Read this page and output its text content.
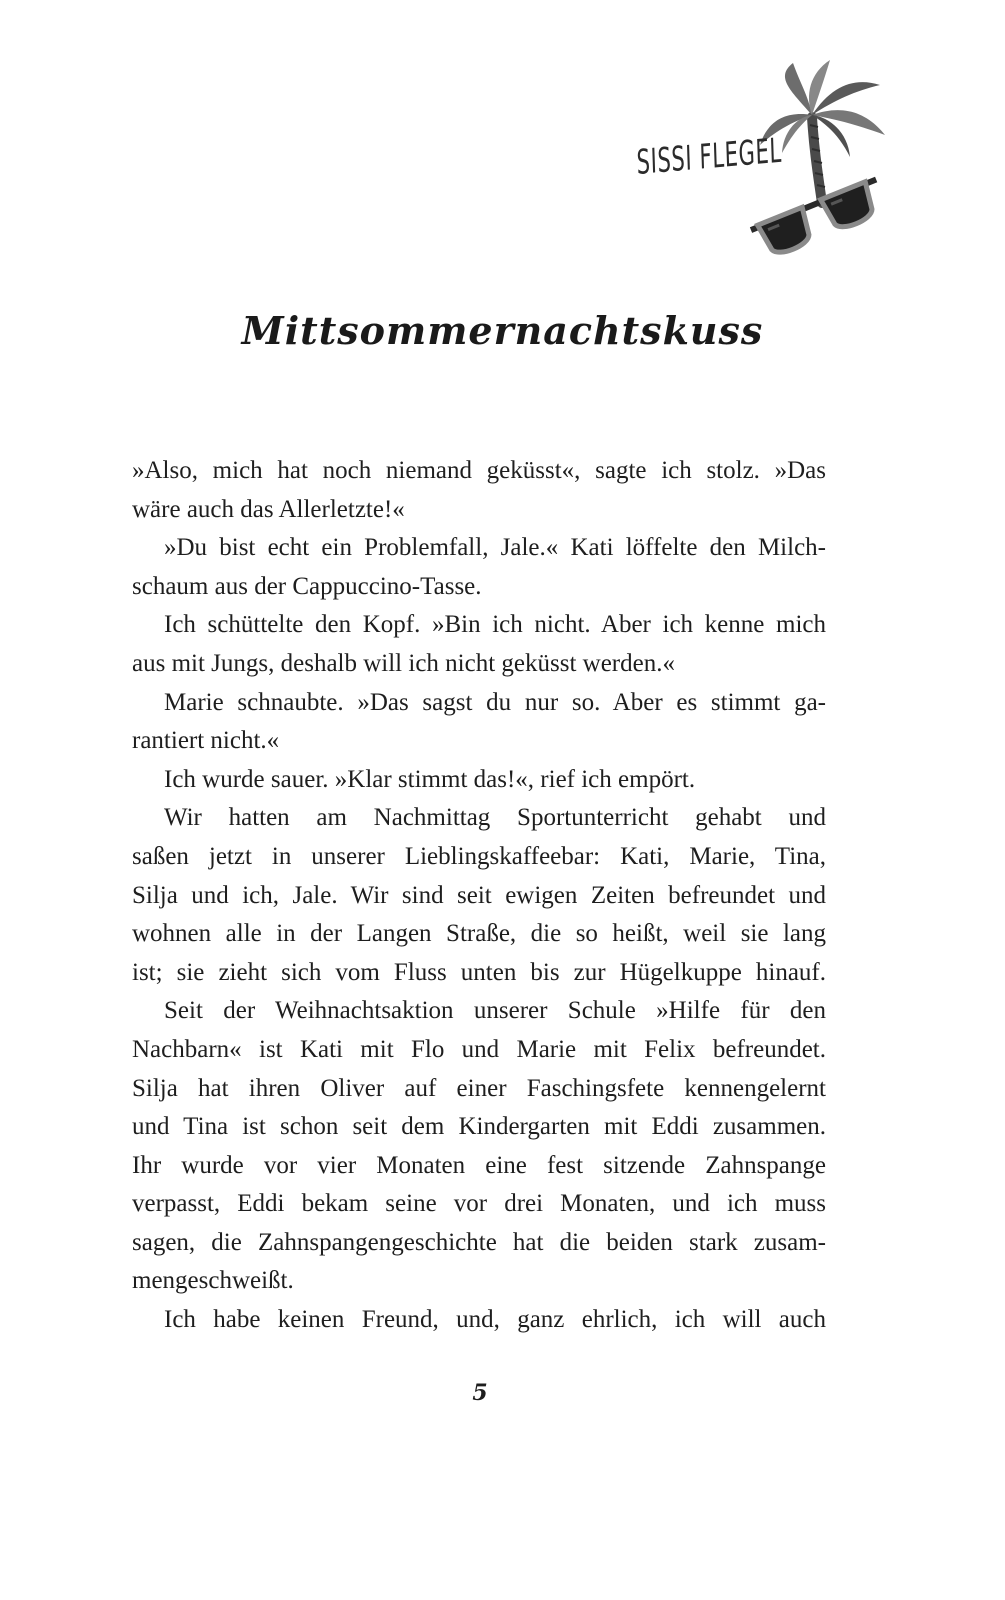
SISSI FLEGEL
Mittsommernachtskuss
»Also, mich hat noch niemand geküsst«, sagte ich stolz. »Das
wäre auch das Allerletzte!«
»Du bist echt ein Problemfall, Jale.« Kati löffelte den Milch-
schaum aus der Cappuccino-Tasse.
Ich schüttelte den Kopf. »Bin ich nicht. Aber ich kenne mich
aus mit Jungs, deshalb will ich nicht geküsst werden.«
Marie schnaubte. »Das sagst du nur so. Aber es stimmt ga-
rantiert nicht.«
Ich wurde sauer. »Klar stimmt das!«, rief ich empört.
Wir hatten am Nachmittag Sportunterricht gehabt und
saßen jetzt in unserer Lieblingskaffeebar: Kati, Marie, Tina,
Silja und ich, Jale. Wir sind seit ewigen Zeiten befreundet und
wohnen alle in der Langen Straße, die so heißt, weil sie lang
ist; sie zieht sich vom Fluss unten bis zur Hügelkuppe hinauf.
Seit der Weihnachtsaktion unserer Schule »Hilfe für den
Nachbarn« ist Kati mit Flo und Marie mit Felix befreundet.
Silja hat ihren Oliver auf einer Faschingsfete kennengelernt
und Tina ist schon seit dem Kindergarten mit Eddi zusammen.
Ihr wurde vor vier Monaten eine fest sitzende Zahnspange
verpasst, Eddi bekam seine vor drei Monaten, und ich muss
sagen, die Zahnspangengeschichte hat die beiden stark zusam-
mengeschweißt.
Ich habe keinen Freund, und, ganz ehrlich, ich will auch
5
